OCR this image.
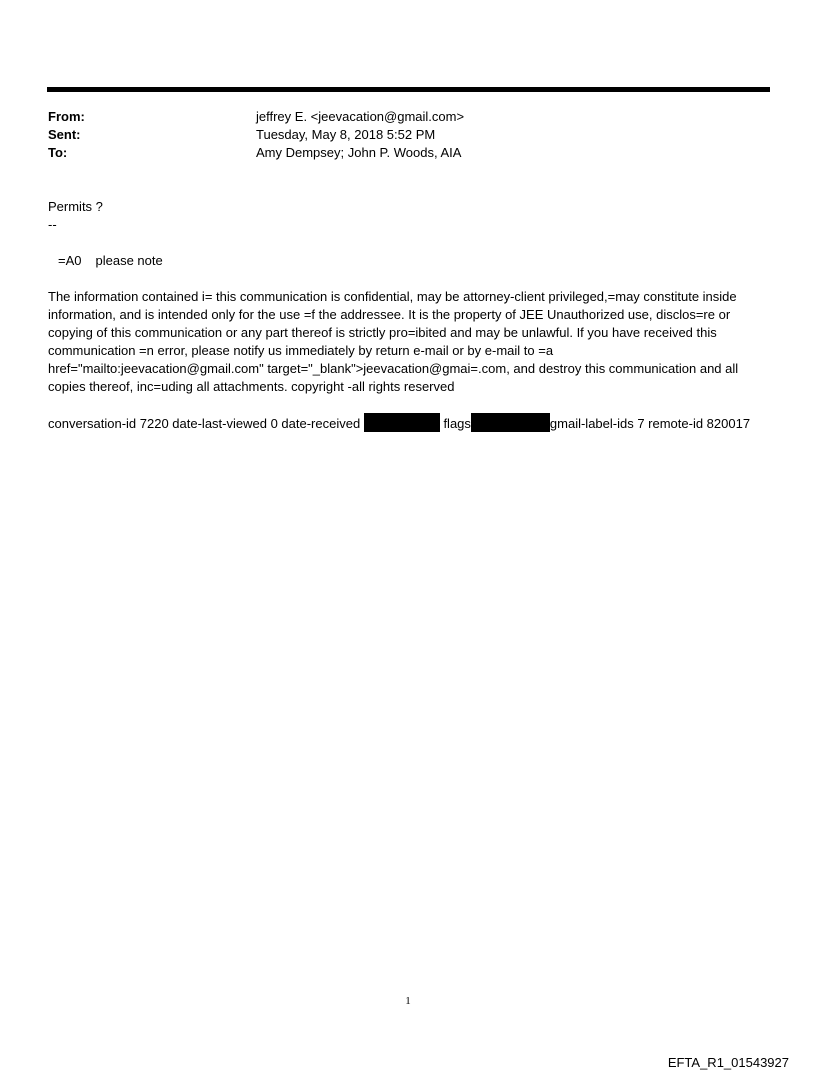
From:	jeffrey E. <jeevacation@gmail.com>
Sent:	Tuesday, May 8, 2018 5:52 PM
To:	Amy Dempsey; John P. Woods, AIA
Permits ?
--
=A0 please note
The information contained i= this communication is confidential, may be attorney-client privileged,=may constitute inside information, and is intended only for the use =f the addressee. It is the property of JEE Unauthorized use, disclos=re or copying of this communication or any part thereof is strictly pro=ibited and may be unlawful. If you have received this communication =n error, please notify us immediately by return e-mail or by e-mail to =a href="mailto:jeevacation@gmail.com" target="_blank">jeevacation@gmai=.com, and destroy this communication and all copies thereof, inc=uding all attachments. copyright -all rights reserved
conversation-id 7220 date-last-viewed 0 date-received	flags	gmail-label-ids 7 remote-id 820017
1
EFTA_R1_01543927
